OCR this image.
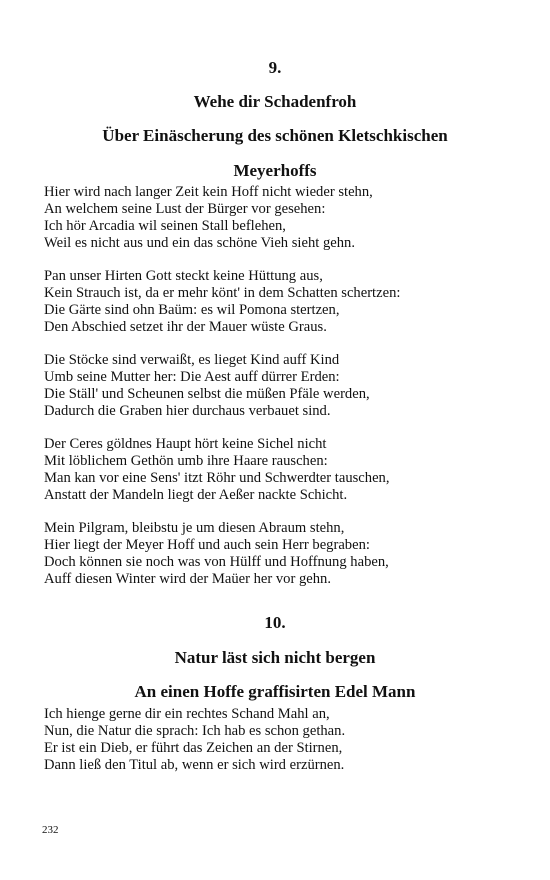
9.
Wehe dir Schadenfroh
Über Einäscherung des schönen Kletschkischen
Meyerhoffs
Hier wird nach langer Zeit kein Hoff nicht wieder stehn,
An welchem seine Lust der Bürger vor gesehen:
Ich hör Arcadia wil seinen Stall beflehen,
Weil es nicht aus und ein das schöne Vieh sieht gehn.
Pan unser Hirten Gott steckt keine Hüttung aus,
Kein Strauch ist, da er mehr könt' in dem Schatten schertzen:
Die Gärte sind ohn Baüm: es wil Pomona stertzen,
Den Abschied setzet ihr der Mauer wüste Graus.
Die Stöcke sind verwaißt, es lieget Kind auff Kind
Umb seine Mutter her: Die Aest auff dürrer Erden:
Die Ställ' und Scheunen selbst die müßen Pfäle werden,
Dadurch die Graben hier durchaus verbauet sind.
Der Ceres göldnes Haupt hört keine Sichel nicht
Mit löblichem Gethön umb ihre Haare rauschen:
Man kan vor eine Sens' itzt Röhr und Schwerdter tauschen,
Anstatt der Mandeln liegt der Aeßer nackte Schicht.
Mein Pilgram, bleibstu je um diesen Abraum stehn,
Hier liegt der Meyer Hoff und auch sein Herr begraben:
Doch können sie noch was von Hülff und Hoffnung haben,
Auff diesen Winter wird der Maüer her vor gehn.
10.
Natur läst sich nicht bergen
An einen Hoffe graffisirten Edel Mann
Ich hienge gerne dir ein rechtes Schand Mahl an,
Nun, die Natur die sprach: Ich hab es schon gethan.
Er ist ein Dieb, er führt das Zeichen an der Stirnen,
Dann ließ den Titul ab, wenn er sich wird erzürnen.
232
